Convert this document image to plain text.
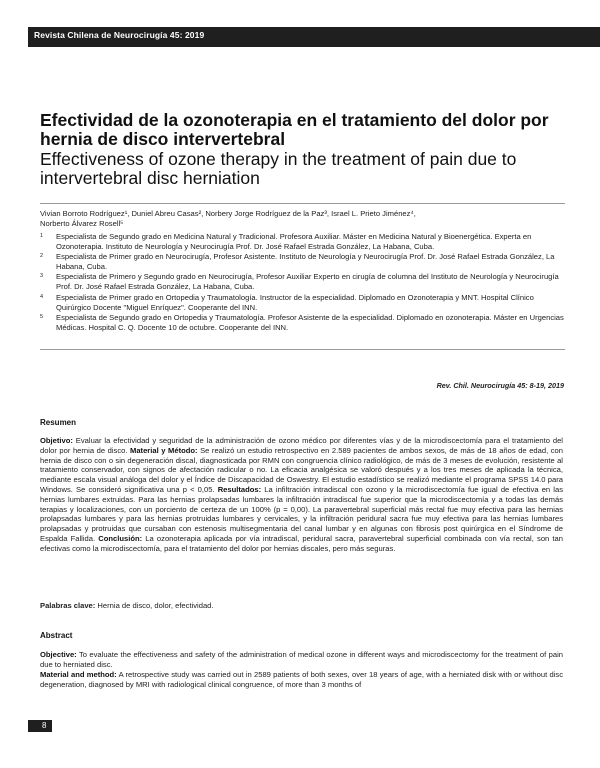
Revista Chilena de Neurocirugía 45: 2019
Efectividad de la ozonoterapia en el tratamiento del dolor por hernia de disco intervertebral
Effectiveness of ozone therapy in the treatment of pain due to intervertebral disc herniation
Vivian Borroto Rodríguez¹, Duniel Abreu Casas², Norbery Jorge Rodríguez de la Paz³, Israel L. Prieto Jiménez⁴,
Norberto Álvarez Rosell⁵
1 Especialista de Segundo grado en Medicina Natural y Tradicional. Profesora Auxiliar. Máster en Medicina Natural y Bioenergética. Experta en Ozonoterapia. Instituto de Neurología y Neurocirugía Prof. Dr. José Rafael Estrada González, La Habana, Cuba.
2 Especialista de Primer grado en Neurocirugía, Profesor Asistente. Instituto de Neurología y Neurocirugía Prof. Dr. José Rafael Estrada González, La Habana, Cuba.
3 Especialista de Primero y Segundo grado en Neurocirugía, Profesor Auxiliar Experto en cirugía de columna del Instituto de Neurología y Neurocirugía Prof. Dr. José Rafael Estrada González, La Habana, Cuba.
4 Especialista de Primer grado en Ortopedia y Traumatología. Instructor de la especialidad. Diplomado en Ozonoterapia y MNT. Hospital Clínico Quirúrgico Docente "Miguel Enríquez". Cooperante del INN.
5 Especialista de Segundo grado en Ortopedia y Traumatología. Profesor Asistente de la especialidad. Diplomado en ozonoterapia. Máster en Urgencias Médicas. Hospital C. Q. Docente 10 de octubre. Cooperante del INN.
Rev. Chil. Neurocirugía 45: 8-19, 2019
Resumen
Objetivo: Evaluar la efectividad y seguridad de la administración de ozono médico por diferentes vías y de la microdiscectomía para el tratamiento del dolor por hernia de disco. Material y Método: Se realizó un estudio retrospectivo en 2.589 pacientes de ambos sexos, de más de 18 años de edad, con hernia de disco con o sin degeneración discal, diagnosticada por RMN con congruencia clínico radiológico, de más de 3 meses de evolución, resistente al tratamiento conservador, con signos de afectación radicular o no. La eficacia analgésica se valoró después y a los tres meses de aplicada la técnica, mediante escala visual análoga del dolor y el Índice de Discapacidad de Oswestry. El estudio estadístico se realizó mediante el programa SPSS 14.0 para Windows. Se consideró significativa una p < 0,05. Resultados: La infiltración intradiscal con ozono y la microdiscectomía fue igual de efectiva en las hernias lumbares extruidas. Para las hernias prolapsadas lumbares la infiltración intradiscal fue superior que la microdiscectomía y a todas las demás terapias y localizaciones, con un porciento de certeza de un 100% (p = 0,00). La paravertebral superficial más rectal fue muy efectiva para las hernias prolapsadas lumbares y para las hernias protruidas lumbares y cervicales, y la infiltración peridural sacra fue muy efectiva para las hernias lumbares prolapsadas y protruidas que cursaban con estenosis multisegmentaria del canal lumbar y en algunas con fibrosis post quirúrgica en el Síndrome de Espalda Fallida. Conclusión: La ozonoterapia aplicada por vía intradiscal, peridural sacra, paravertebral superficial combinada con vía rectal, son tan efectivas como la microdiscectomía, para el tratamiento del dolor por hernias discales, pero más seguras.
Palabras clave: Hernia de disco, dolor, efectividad.
Abstract
Objective: To evaluate the effectiveness and safety of the administration of medical ozone in different ways and microdiscectomy for the treatment of pain due to herniated disc.
Material and method: A retrospective study was carried out in 2589 patients of both sexes, over 18 years of age, with a herniated disk with or without disc degeneration, diagnosed by MRI with radiological clinical congruence, of more than 3 months of
8
